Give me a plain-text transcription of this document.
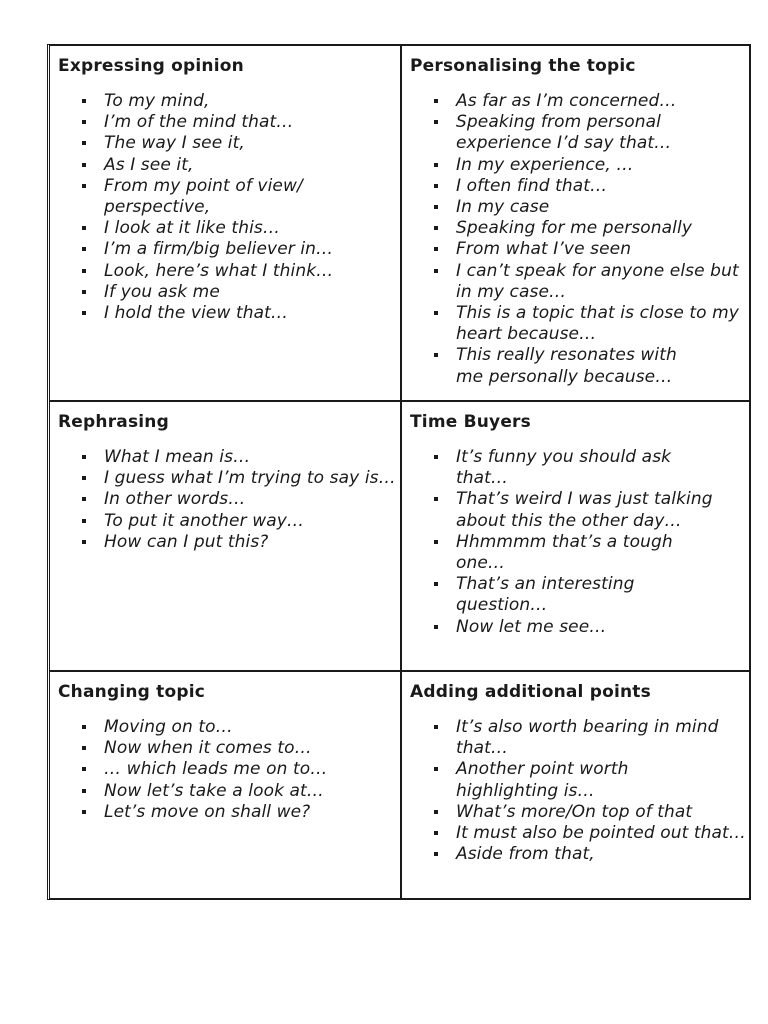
Expressing opinion
To my mind,
I’m of the mind that…
The way I see it,
As I see it,
From my point of view/ perspective,
I look at it like this…
I’m a firm/big believer in…
Look, here’s what I think…
If you ask me
I hold the view that…
Personalising the topic
As far as I’m concerned…
Speaking from personal experience I’d say that…
In my experience, …
I often find that…
In my case
Speaking for me personally
From what I’ve seen
I can’t speak for anyone else but in my case…
This is a topic that is close to my heart because…
This really resonates with me personally because…
Rephrasing
What I mean is…
I guess what I’m trying to say is…
In other words…
To put it another way…
How can I put this?
Time Buyers
It’s funny you should ask that…
That’s weird I was just talking about this the other day…
Hhmmmm that’s a tough one…
That’s an interesting question…
Now let me see…
Changing topic
Moving on to…
Now when it comes to…
… which leads me on to…
Now let’s take a look at…
Let’s move on shall we?
Adding additional points
It’s also worth bearing in mind that…
Another point worth highlighting is…
What’s more/On top of that
It must also be pointed out that…
Aside from that,
